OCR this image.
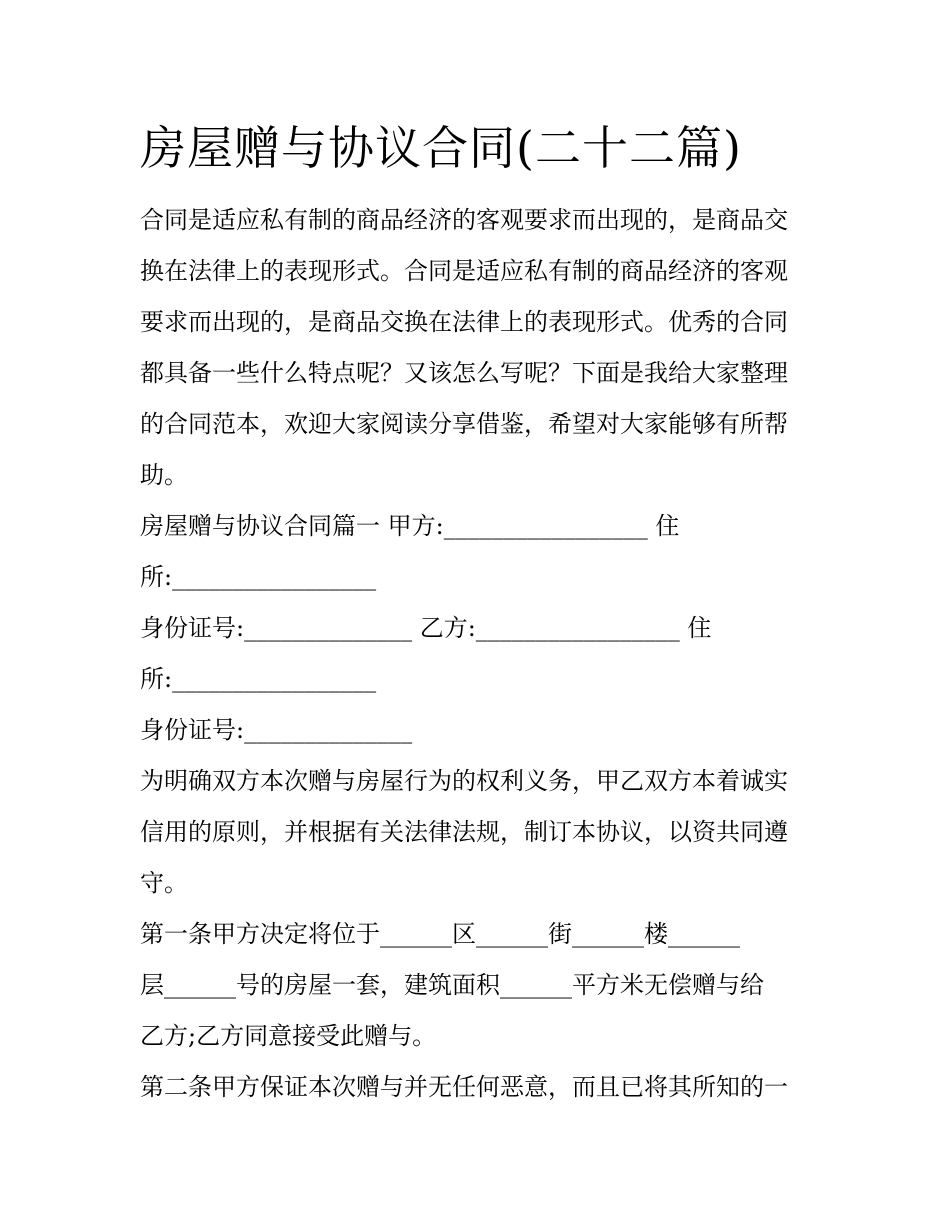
房屋赠与协议合同(二十二篇)

合同是适应私有制的商品经济的客观要求而出现的，是商品交

换在法律上的表现形式。合同是适应私有制的商品经济的客观

要求而出现的，是商品交换在法律上的表现形式。优秀的合同

都具备一些什么特点呢？又该怎么写呢？下面是我给大家整理

的合同范本，欢迎大家阅读分享借鉴，希望对大家能够有所帮

助。

房屋赠与协议合同篇一 甲方:_________________ 住

所:_________________

身份证号:______________ 乙方:_________________ 住

所:_________________

身份证号:______________

为明确双方本次赠与房屋行为的权利义务，甲乙双方本着诚实

信用的原则，并根据有关法律法规，制订本协议，以资共同遵

守。

第一条甲方决定将位于______区______街______楼______

层______号的房屋一套，建筑面积______平方米无偿赠与给

乙方;乙方同意接受此赠与。

第二条甲方保证本次赠与并无任何恶意，而且已将其所知的一
